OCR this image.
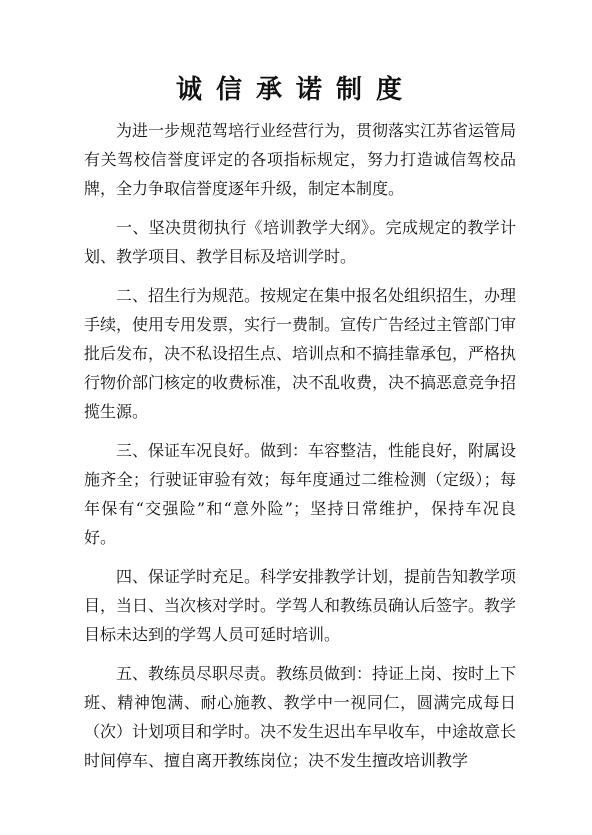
诚信承诺制度

为进一步规范驾培行业经营行为，贯彻落实江苏省运管局有关驾校信誉度评定的各项指标规定，努力打造诚信驾校品牌，全力争取信誉度逐年升级，制定本制度。

一、坚决贯彻执行《培训教学大纲》。完成规定的教学计划、教学项目、教学目标及培训学时。

二、招生行为规范。按规定在集中报名处组织招生，办理手续，使用专用发票，实行一费制。宣传广告经过主管部门审批后发布，决不私设招生点、培训点和不搞挂靠承包，严格执行物价部门核定的收费标准，决不乱收费，决不搞恶意竞争招揽生源。

三、保证车况良好。做到：车容整洁，性能良好，附属设施齐全；行驶证审验有效；每年度通过二维检测（定级）；每年保有“交强险”和“意外险”；坚持日常维护，保持车况良好。

四、保证学时充足。科学安排教学计划，提前告知教学项目，当日、当次核对学时。学驾人和教练员确认后签字。教学目标未达到的学驾人员可延时培训。

五、教练员尽职尽责。教练员做到：持证上岗、按时上下班、精神饱满、耐心施教、教学中一视同仁，圆满完成每日（次）计划项目和学时。决不发生迟出车早收车，中途故意长时间停车、擅自离开教练岗位；决不发生擅改培训教学
